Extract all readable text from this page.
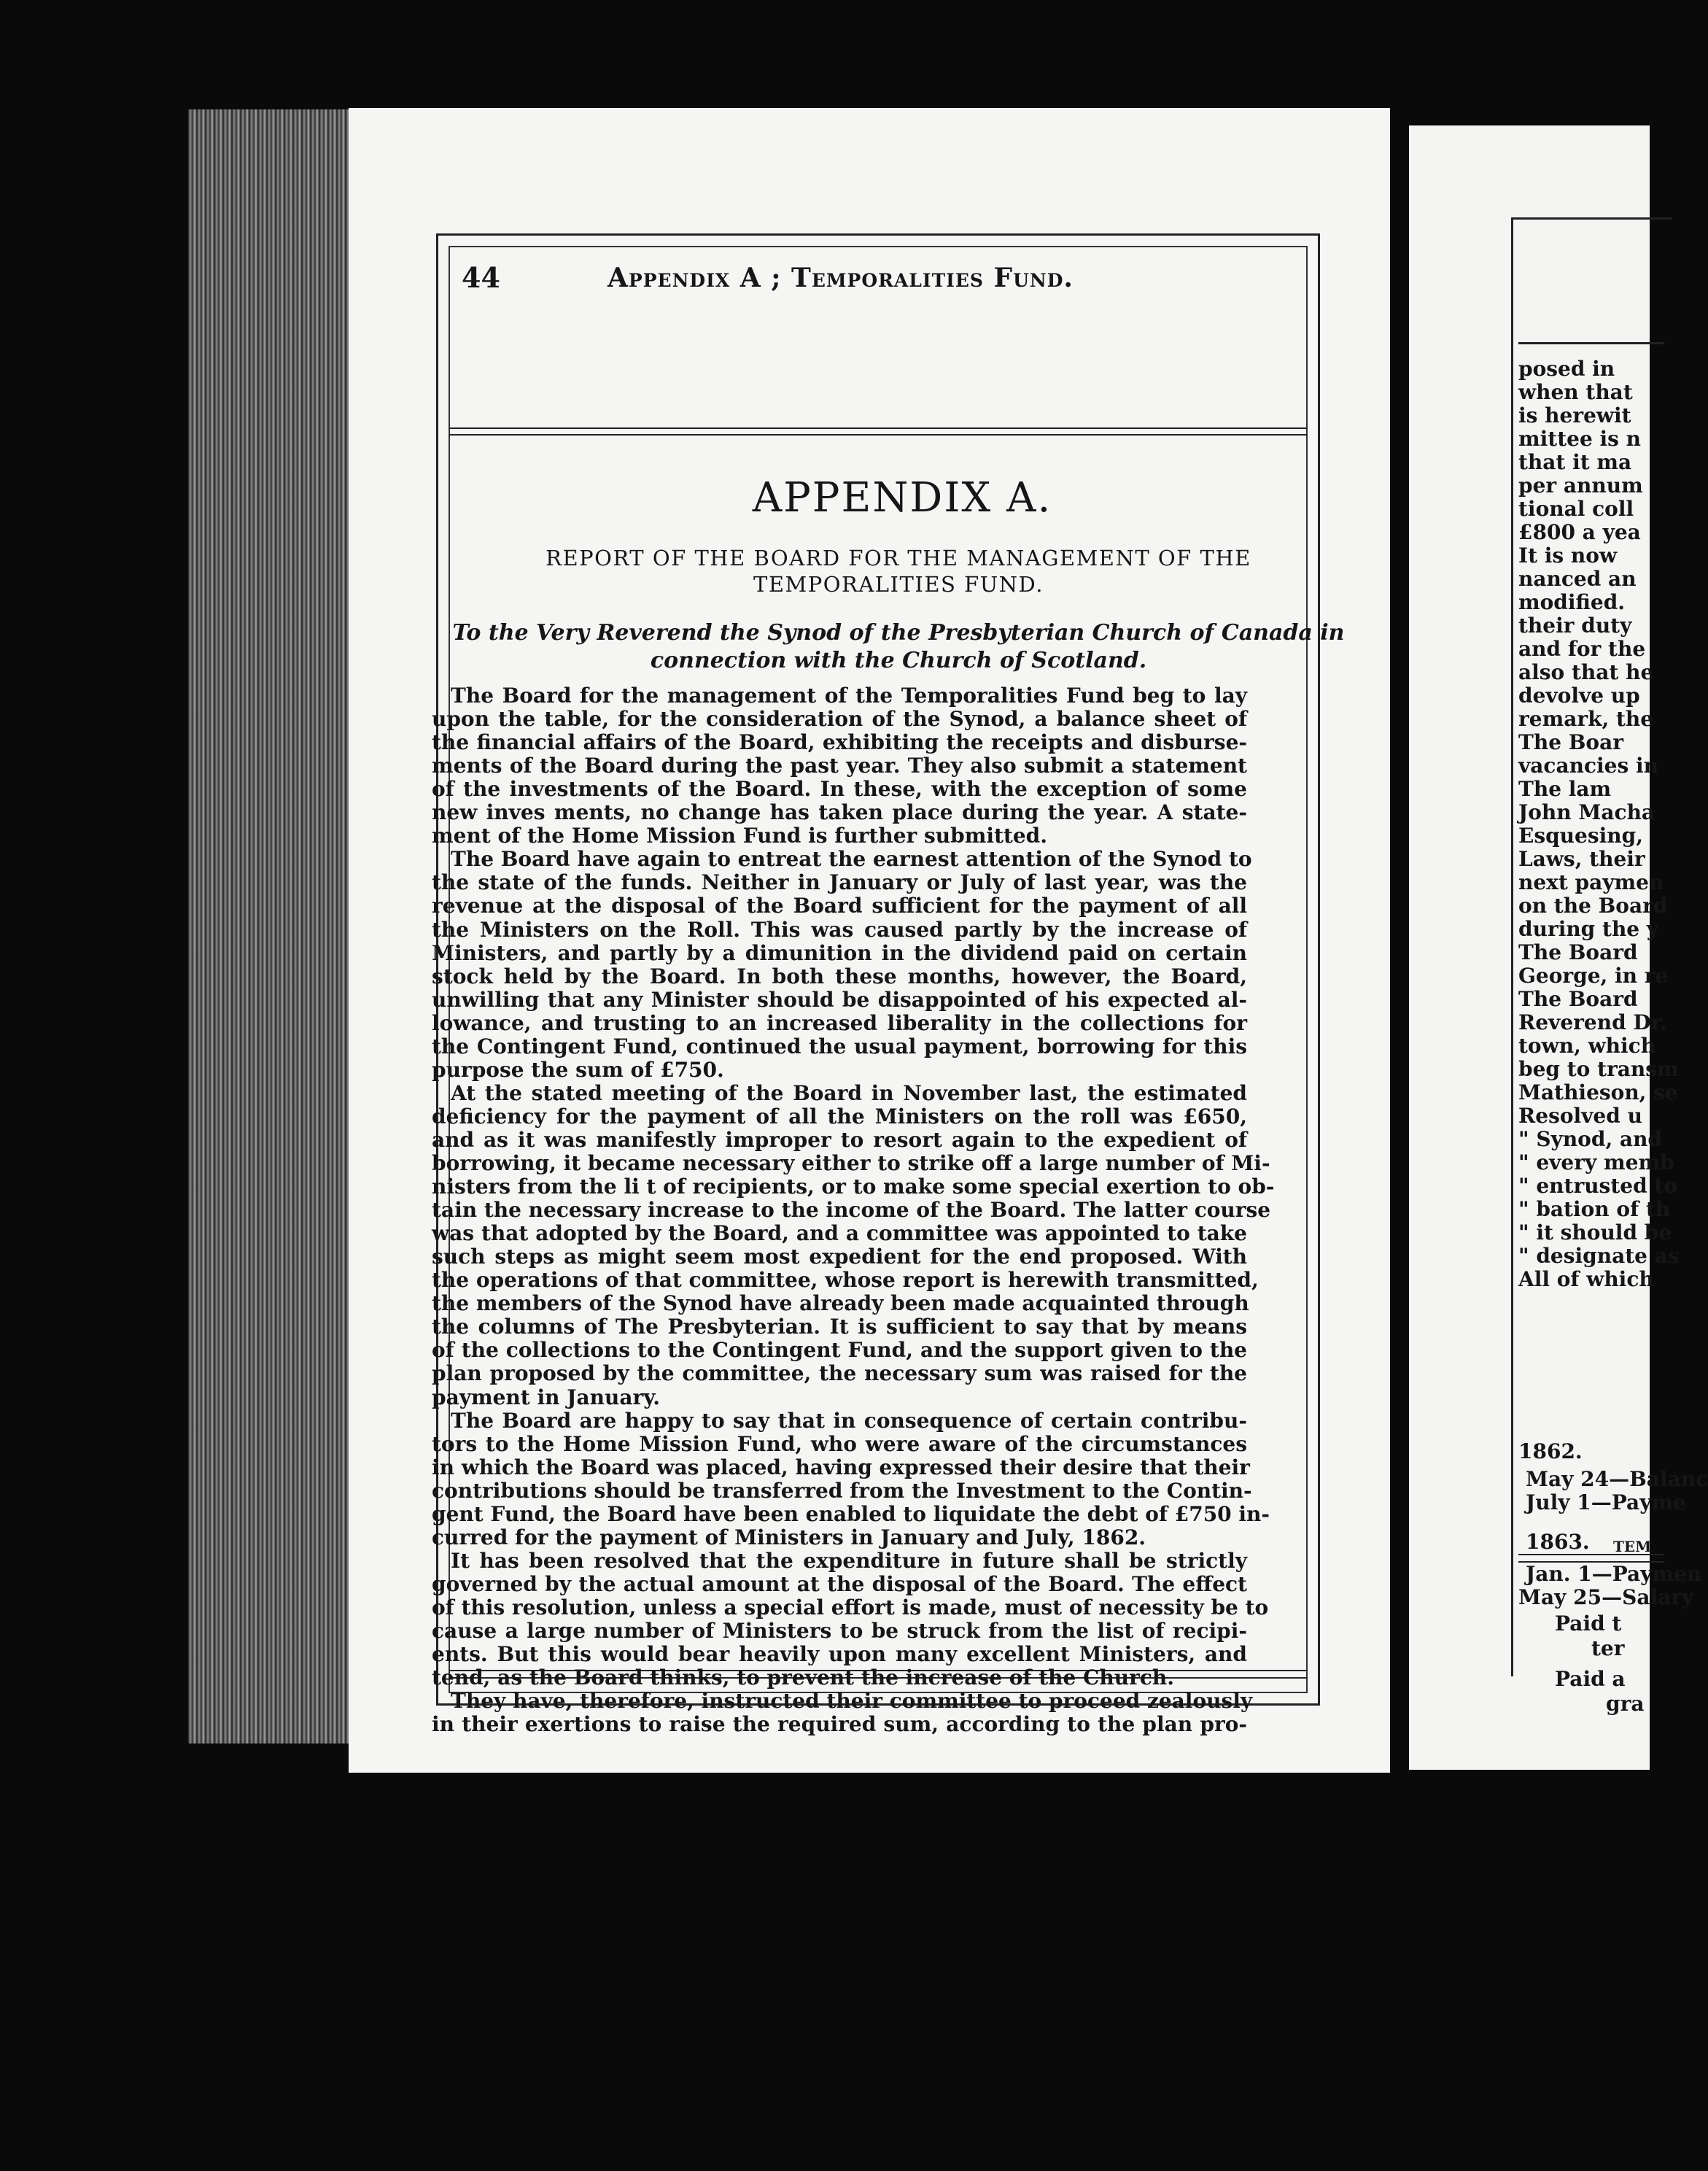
44	Appendix A ; Temporalities Fund.
APPENDIX A.
REPORT OF THE BOARD FOR THE MANAGEMENT OF THE
TEMPORALITIES FUND.
To the Very Reverend the Synod of the Presbyterian Church of Canada in
connection with the Church of Scotland.
The Board for the management of the Temporalities Fund beg to lay
upon the table, for the consideration of the Synod, a balance sheet of
the financial affairs of the Board, exhibiting the receipts and disburse-
ments of the Board during the past year. They also submit a statement
of the investments of the Board. In these, with the exception of some
new inves ments, no change has taken place during the year. A state-
ment of the Home Mission Fund is further submitted.
The Board have again to entreat the earnest attention of the Synod to
the state of the funds. Neither in January or July of last year, was the
revenue at the disposal of the Board sufficient for the payment of all
the Ministers on the Roll. This was caused partly by the increase of
Ministers, and partly by a dimunition in the dividend paid on certain
stock held by the Board. In both these months, however, the Board,
unwilling that any Minister should be disappointed of his expected al-
lowance, and trusting to an increased liberality in the collections for
the Contingent Fund, continued the usual payment, borrowing for this
purpose the sum of £750.
At the stated meeting of the Board in November last, the estimated
deficiency for the payment of all the Ministers on the roll was £650,
and as it was manifestly improper to resort again to the expedient of
borrowing, it became necessary either to strike off a large number of Mi-
nisters from the li t of recipients, or to make some special exertion to ob-
tain the necessary increase to the income of the Board. The latter course
was that adopted by the Board, and a committee was appointed to take
such steps as might seem most expedient for the end proposed. With
the operations of that committee, whose report is herewith transmitted,
the members of the Synod have already been made acquainted through
the columns of The Presbyterian. It is sufficient to say that by means
of the collections to the Contingent Fund, and the support given to the
plan proposed by the committee, the necessary sum was raised for the
payment in January.
The Board are happy to say that in consequence of certain contribu-
tors to the Home Mission Fund, who were aware of the circumstances
in which the Board was placed, having expressed their desire that their
contributions should be transferred from the Investment to the Contin-
gent Fund, the Board have been enabled to liquidate the debt of £750 in-
curred for the payment of Ministers in January and July, 1862.
It has been resolved that the expenditure in future shall be strictly
governed by the actual amount at the disposal of the Board. The effect
of this resolution, unless a special effort is made, must of necessity be to
cause a large number of Ministers to be struck from the list of recipi-
ents. But this would bear heavily upon many excellent Ministers, and
tend, as the Board thinks, to prevent the increase of the Church.
They have, therefore, instructed their committee to proceed zealously
in their exertions to raise the required sum, according to the plan pro-
posed in
when that
is herewit
mittee is n
that it ma
per annum
tional coll
£800 a yea
It is now
nanced an
modified.
their duty
and for the
also that he
devolve up
remark, the
The Boar
vacancies in
The lam
John Macha
Esquesing,
Laws, their
next paymen
on the Board
during the y
The Board
George, in re
The Board
Reverend Dr.
town, which
beg to transm
Mathieson, se
Resolved u
" Synod, and
" every memb
" entrusted to
" bation of th
" it should be
" designate as
All of which
TEM
1862.
May 24—Balanc
July 1—Payme
1863.
Jan. 1—Paymen
May 25—Salary
Paid t
ter
Paid a
gra
